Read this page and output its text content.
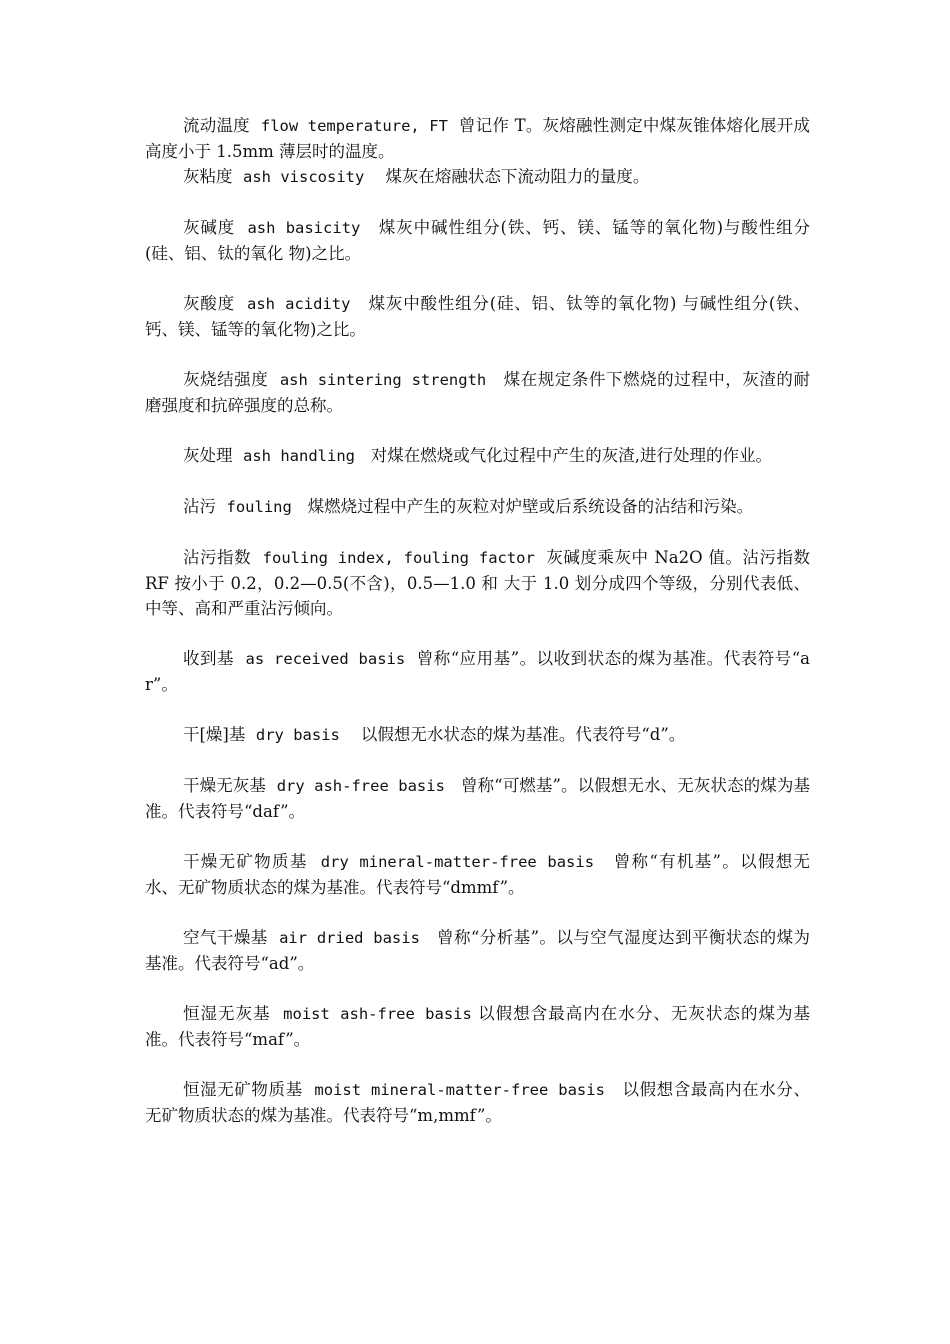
流动温度 flow temperature, FT 曾记作 T。灰熔融性测定中煤灰锥体熔化展开成高度小于 1.5mm 薄层时的温度。

灰粘度 ash viscosity 煤灰在熔融状态下流动阻力的量度。

灰碱度 ash basicity 煤灰中碱性组分(铁、钙、镁、锰等的氧化物)与酸性组分(硅、铝、钛的氧化 物)之比。

灰酸度 ash acidity 煤灰中酸性组分(硅、铝、钛等的氧化物) 与碱性组分(铁、钙、镁、锰等的氧化物)之比。

灰烧结强度 ash sintering strength 煤在规定条件下燃烧的过程中，灰渣的耐磨强度和抗碎强度的总称。

灰处理 ash handling 对煤在燃烧或气化过程中产生的灰渣,进行处理的作业。

沾污 fouling 煤燃烧过程中产生的灰粒对炉壁或后系统设备的沾结和污染。

沾污指数 fouling index, fouling factor 灰碱度乘灰中 Na2O 值。沾污指数 RF 按小于 0.2，0.2—0.5(不含)，0.5—1.0 和 大于 1.0 划分成四个等级，分别代表低、中等、高和严重沾污倾向。

收到基 as received basis 曾称“应用基”。以收到状态的煤为基准。代表符号“ar”。

干[燥]基 dry basis 以假想无水状态的煤为基准。代表符号“d”。

干燥无灰基 dry ash-free basis 曾称“可燃基”。以假想无水、无灰状态的煤为基准。代表符号“daf”。

干燥无矿物质基 dry mineral-matter-free basis 曾称“有机基”。以假想无水、无矿物质状态的煤为基准。代表符号“dmmf”。

空气干燥基 air dried basis 曾称“分析基”。以与空气湿度达到平衡状态的煤为基准。代表符号“ad”。

恒湿无灰基 moist ash-free basis 以假想含最高内在水分、无灰状态的煤为基准。代表符号“maf”。

恒湿无矿物质基 moist mineral-matter-free basis 以假想含最高内在水分、无矿物质状态的煤为基准。代表符号“m,mmf”。
